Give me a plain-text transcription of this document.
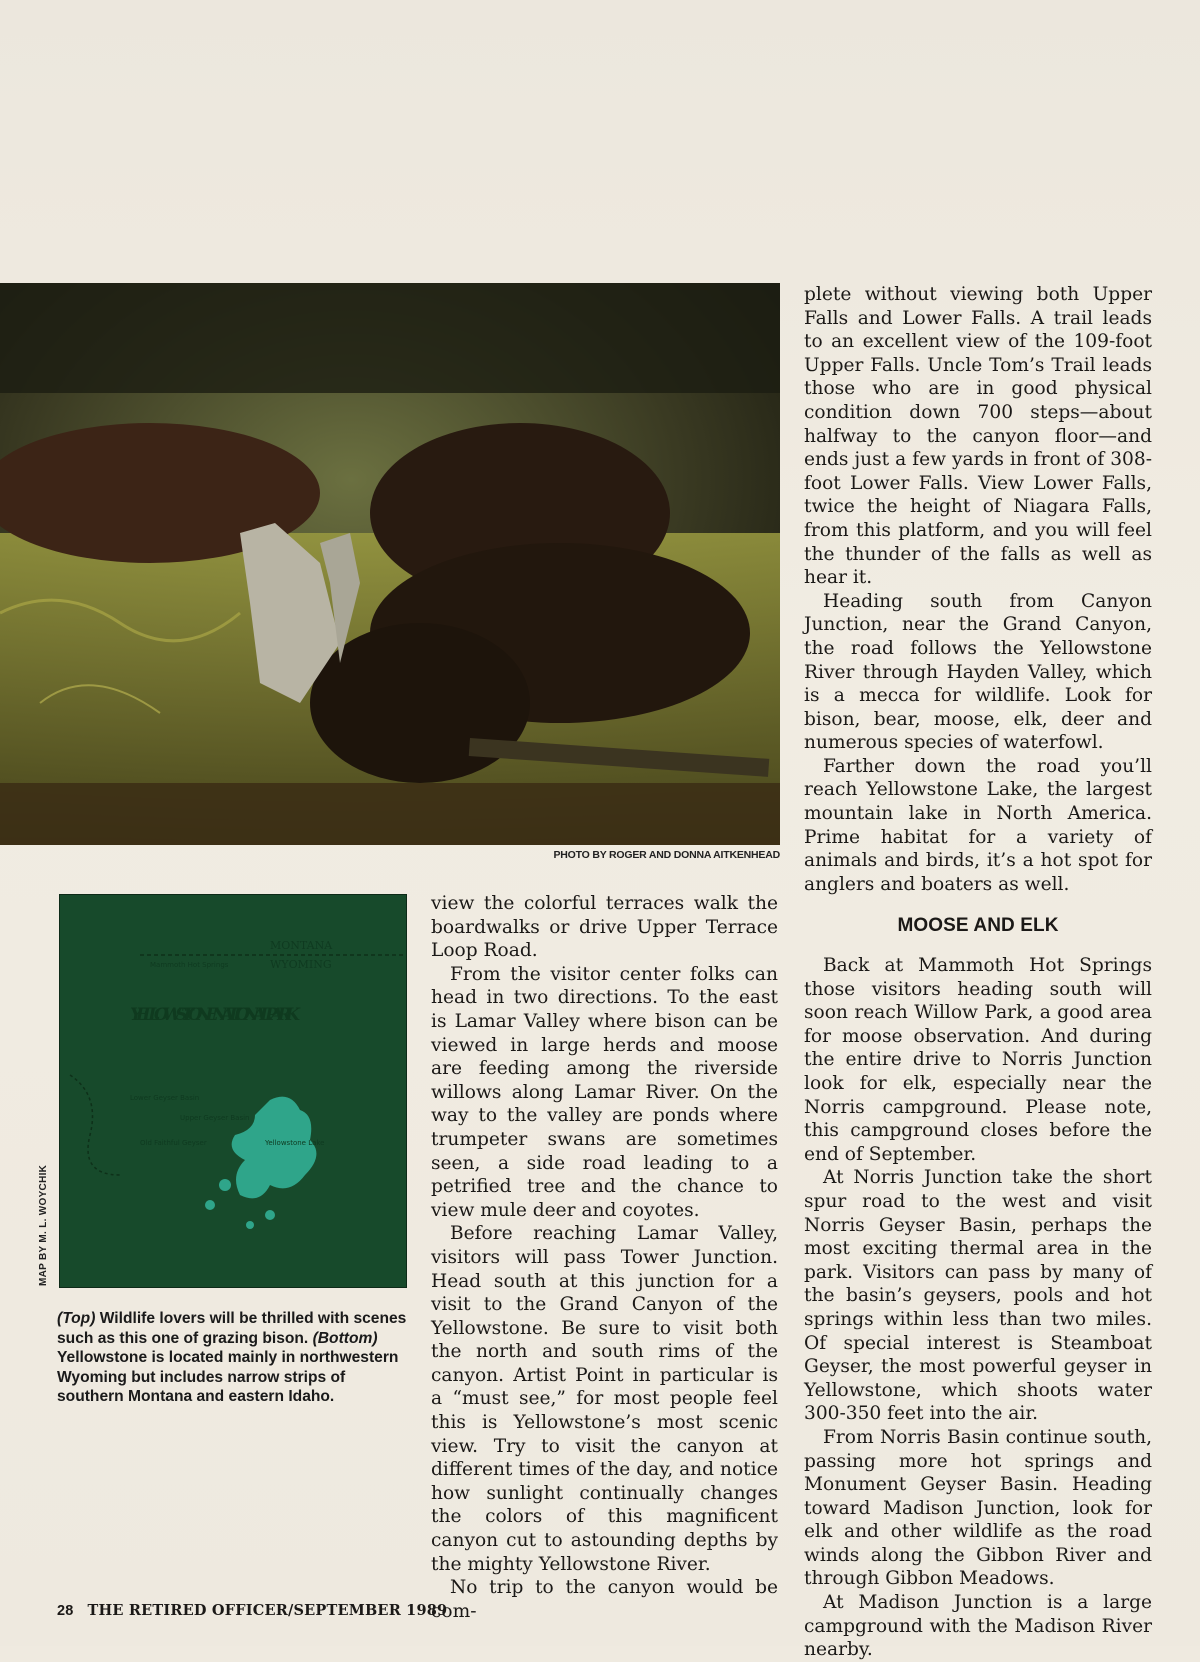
PHOTO BY ROGER AND DONNA AITKENHEAD
MONTANA
WYOMING
Mammoth Hot Springs
YELLOWSTONE NATIONAL PARK
Lower Geyser Basin
Upper Geyser Basin
Old Faithful Geyser	Yellowstone Lake
MAP BY M. L. WOYCHIK
(Top) Wildlife lovers will be thrilled with scenes such as this one of grazing bison. (Bottom) Yellowstone is located mainly in northwestern Wyoming but includes narrow strips of southern Montana and eastern Idaho.

view the colorful terraces walk the boardwalks or drive Upper Terrace Loop Road.

From the visitor center folks can head in two directions. To the east is Lamar Valley where bison can be viewed in large herds and moose are feeding among the riverside willows along Lamar River. On the way to the valley are ponds where trumpeter swans are sometimes seen, a side road leading to a petrified tree and the chance to view mule deer and coyotes.

Before reaching Lamar Valley, visitors will pass Tower Junction. Head south at this junction for a visit to the Grand Canyon of the Yellowstone. Be sure to visit both the north and south rims of the canyon. Artist Point in particular is a “must see,” for most people feel this is Yellowstone’s most scenic view. Try to visit the canyon at different times of the day, and notice how sunlight continually changes the colors of this magnificent canyon cut to astounding depths by the mighty Yellowstone River.

No trip to the canyon would be com-

plete without viewing both Upper Falls and Lower Falls. A trail leads to an excellent view of the 109-foot Upper Falls. Uncle Tom’s Trail leads those who are in good physical condition down 700 steps—about halfway to the canyon floor—and ends just a few yards in front of 308-foot Lower Falls. View Lower Falls, twice the height of Niagara Falls, from this platform, and you will feel the thunder of the falls as well as hear it.

Heading south from Canyon Junction, near the Grand Canyon, the road follows the Yellowstone River through Hayden Valley, which is a mecca for wildlife. Look for bison, bear, moose, elk, deer and numerous species of waterfowl.

Farther down the road you’ll reach Yellowstone Lake, the largest mountain lake in North America. Prime habitat for a variety of animals and birds, it’s a hot spot for anglers and boaters as well.

MOOSE AND ELK

Back at Mammoth Hot Springs those visitors heading south will soon reach Willow Park, a good area for moose observation. And during the entire drive to Norris Junction look for elk, especially near the Norris campground. Please note, this campground closes before the end of September.

At Norris Junction take the short spur road to the west and visit Norris Geyser Basin, perhaps the most exciting thermal area in the park. Visitors can pass by many of the basin’s geysers, pools and hot springs within less than two miles. Of special interest is Steamboat Geyser, the most powerful geyser in Yellowstone, which shoots water 300-350 feet into the air.

From Norris Basin continue south, passing more hot springs and Monument Geyser Basin. Heading toward Madison Junction, look for elk and other wildlife as the road winds along the Gibbon River and through Gibbon Meadows.

At Madison Junction is a large campground with the Madison River nearby.

28 THE RETIRED OFFICER/SEPTEMBER 1989
